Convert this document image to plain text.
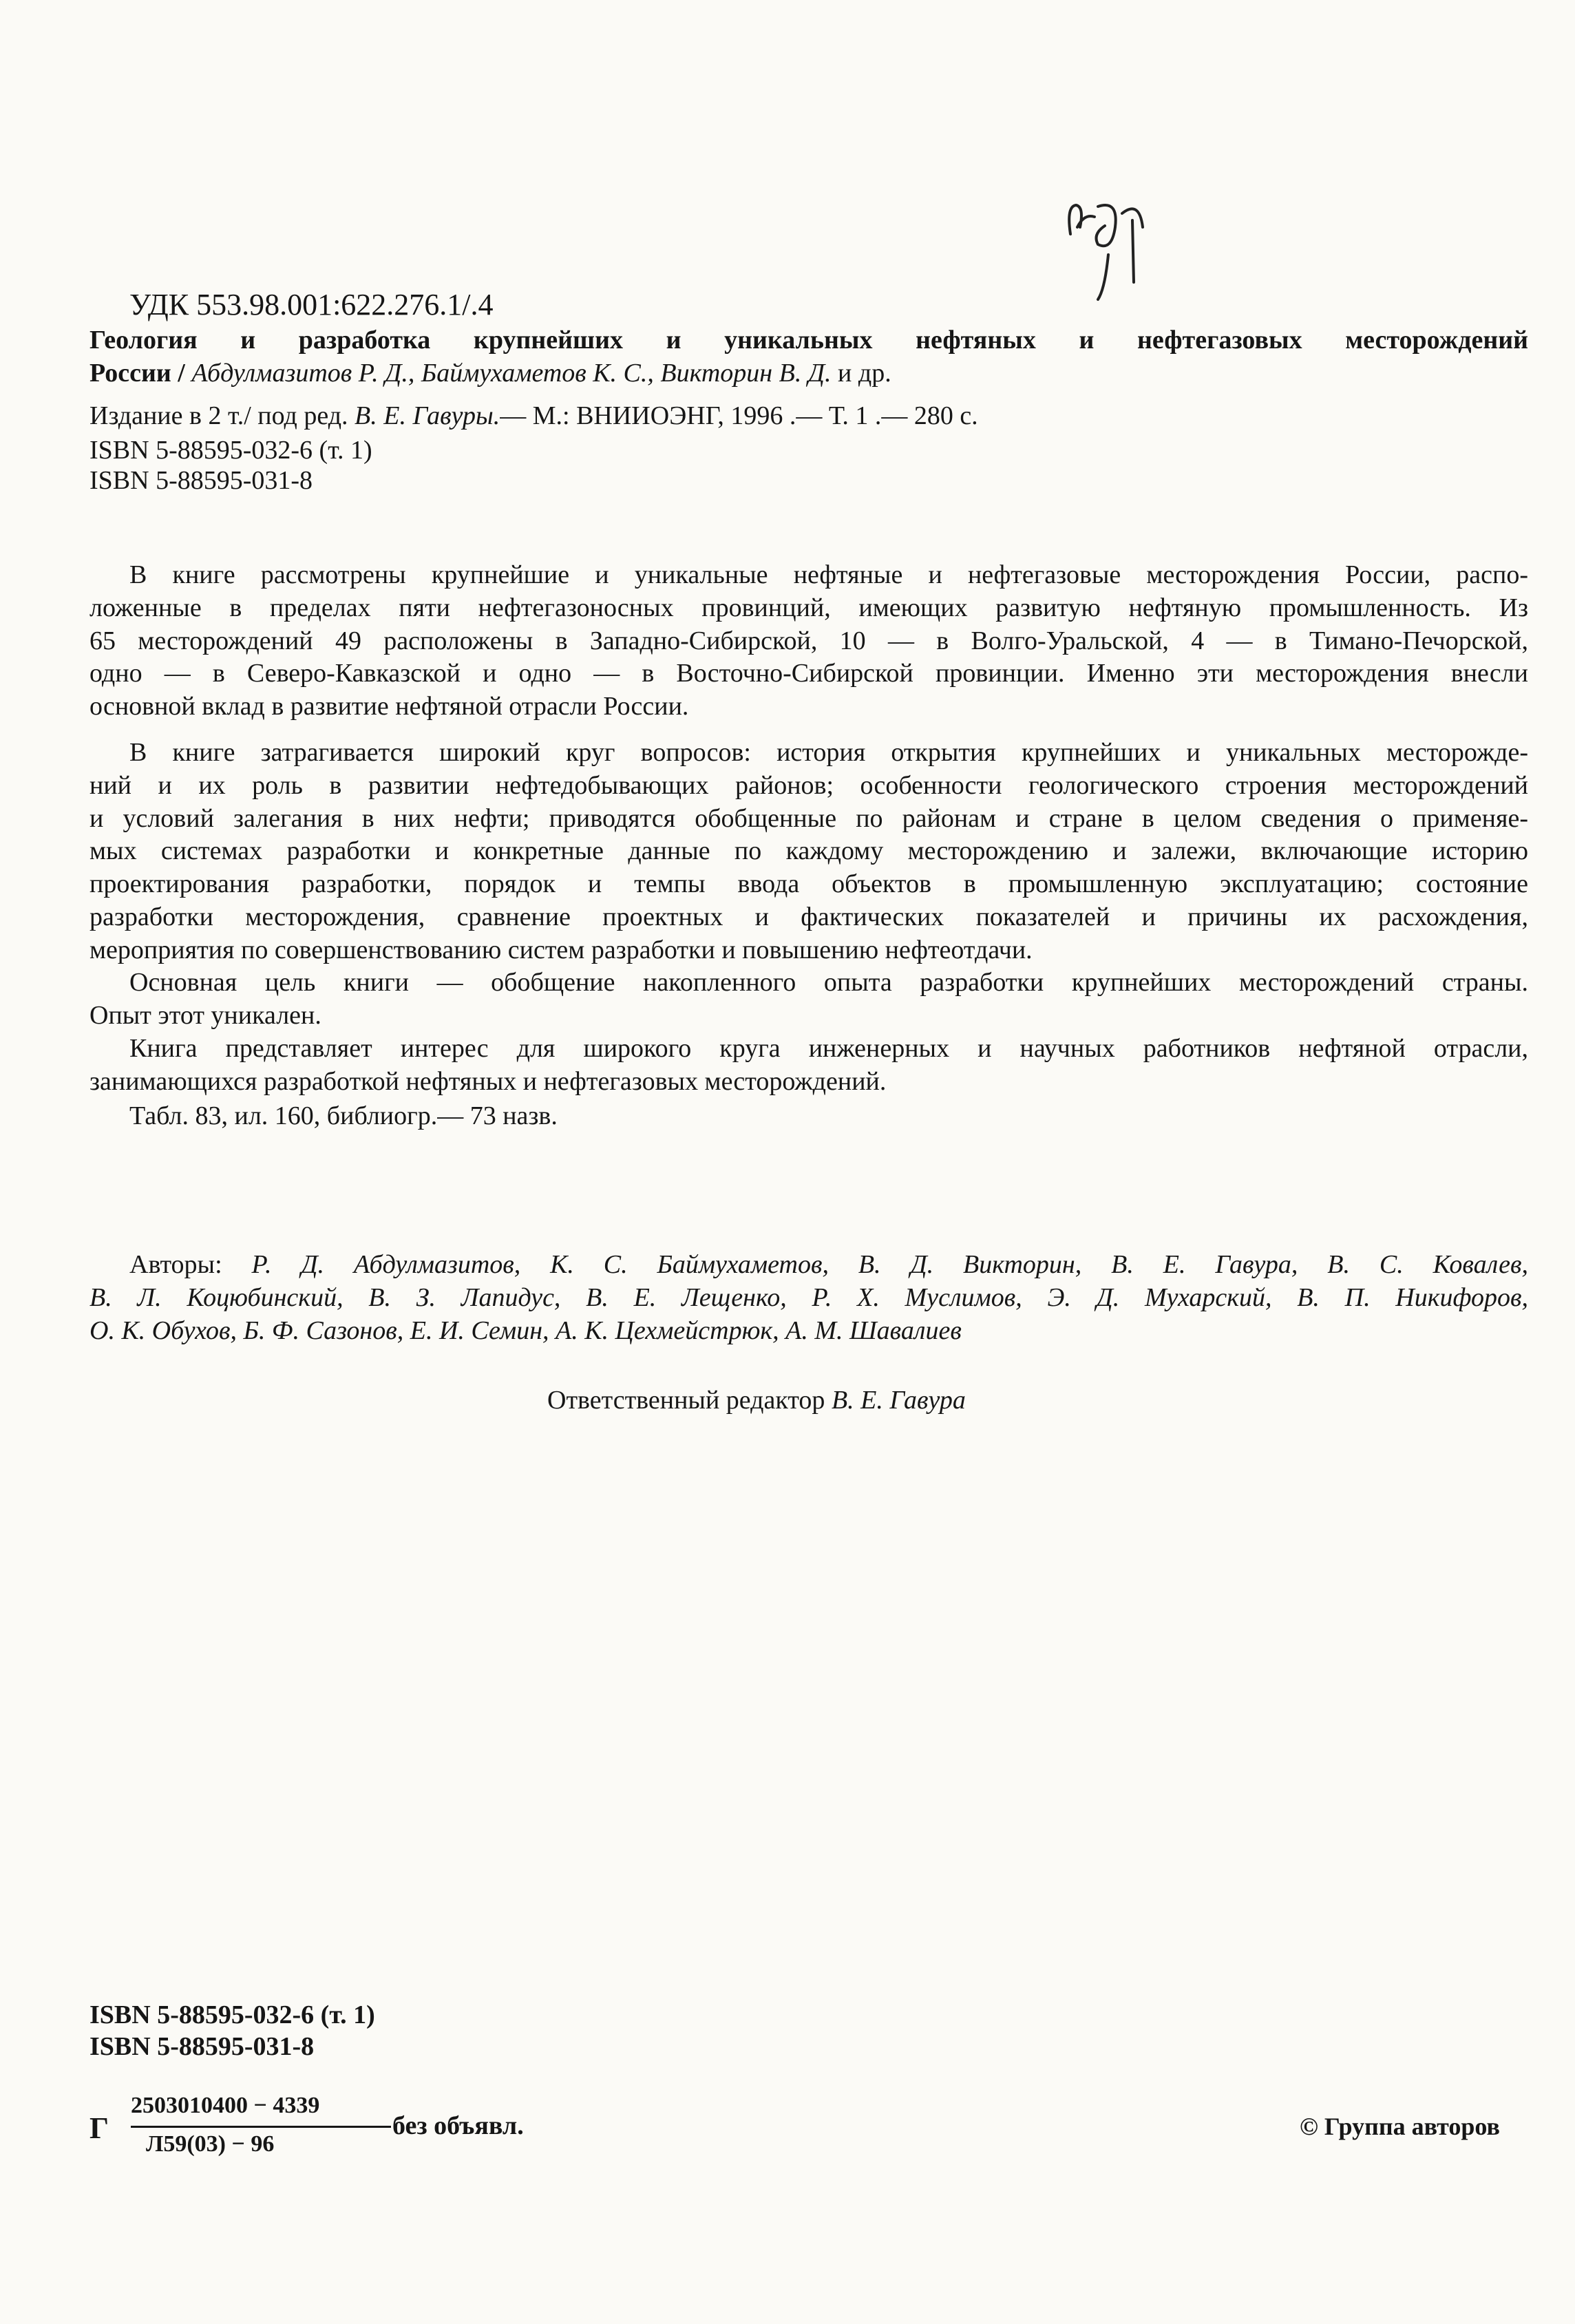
УДК 553.98.001:622.276.1/.4
Геология и разработка крупнейших и уникальных нефтяных и нефтегазовых месторождений
России / Абдулмазитов Р. Д., Баймухаметов К. С., Викторин В. Д. и др.
Издание в 2 т./ под ред. В. Е. Гавуры.— М.: ВНИИОЭНГ, 1996 .— Т. 1 .— 280 с.
ISBN 5-88595-032-6 (т. 1)
ISBN 5-88595-031-8
В книге рассмотрены крупнейшие и уникальные нефтяные и нефтегазовые месторождения России, распо-
ложенные в пределах пяти нефтегазоносных провинций, имеющих развитую нефтяную промышленность. Из
65 месторождений 49 расположены в Западно-Сибирской, 10 — в Волго-Уральской, 4 — в Тимано-Печорской,
одно — в Северо-Кавказской и одно — в Восточно-Сибирской провинции. Именно эти месторождения внесли
основной вклад в развитие нефтяной отрасли России.
В книге затрагивается широкий круг вопросов: история открытия крупнейших и уникальных месторожде-
ний и их роль в развитии нефтедобывающих районов; особенности геологического строения месторождений
и условий залегания в них нефти; приводятся обобщенные по районам и стране в целом сведения о применяе-
мых системах разработки и конкретные данные по каждому месторождению и залежи, включающие историю
проектирования разработки, порядок и темпы ввода объектов в промышленную эксплуатацию; состояние
разработки месторождения, сравнение проектных и фактических показателей и причины их расхождения,
мероприятия по совершенствованию систем разработки и повышению нефтеотдачи.
Основная цель книги — обобщение накопленного опыта разработки крупнейших месторождений страны.
Опыт этот уникален.
Книга представляет интерес для широкого круга инженерных и научных работников нефтяной отрасли,
занимающихся разработкой нефтяных и нефтегазовых месторождений.
Табл. 83, ил. 160, библиогр.— 73 назв.
Авторы: Р. Д. Абдулмазитов, К. С. Баймухаметов, В. Д. Викторин, В. Е. Гавура, В. С. Ковалев,
В. Л. Коцюбинский, В. З. Лапидус, В. Е. Лещенко, Р. Х. Муслимов, Э. Д. Мухарский, В. П. Никифоров,
О. К. Обухов, Б. Ф. Сазонов, Е. И. Семин, А. К. Цехмейстрюк, А. М. Шавалиев
Ответственный редактор В. Е. Гавура
ISBN 5-88595-032-6 (т. 1)
ISBN 5-88595-031-8
Г
2503010400 − 4339
Л59(03) − 96
без объявл.	© Группа авторов
